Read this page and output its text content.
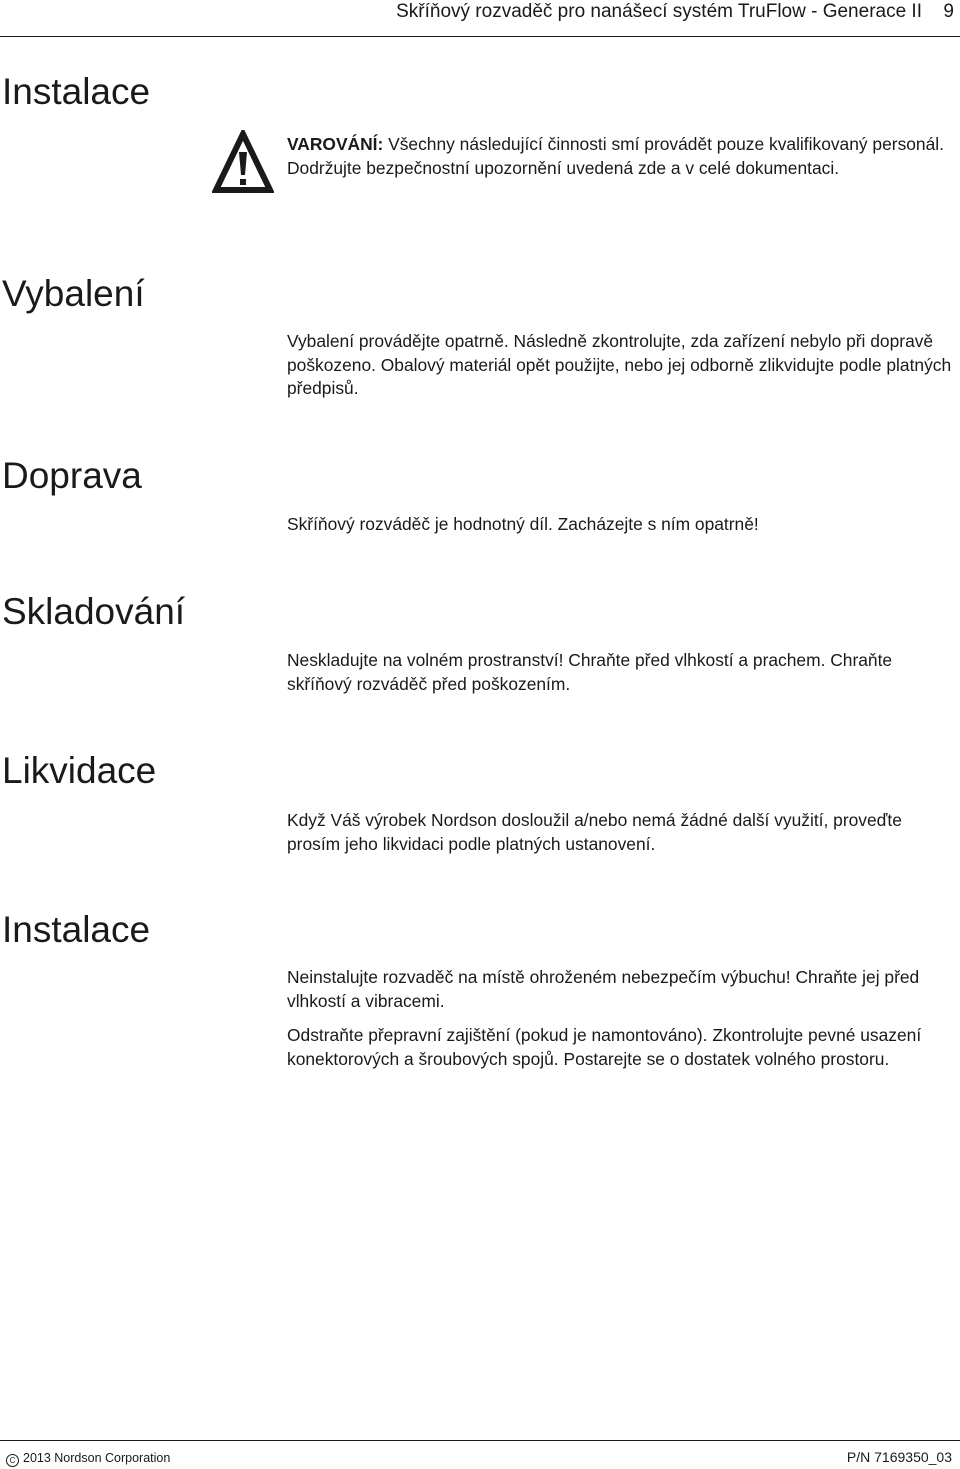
Skříňový rozvaděč pro nanášecí systém TruFlow - Generace II 9
Instalace

VAROVÁNÍ: Všechny následující činnosti smí provádět pouze kvalifikovaný personál. Dodržujte bezpečnostní upozornění uvedená zde a v celé dokumentaci.

Vybalení

Vybalení provádějte opatrně. Následně zkontrolujte, zda zařízení nebylo při dopravě poškozeno. Obalový materiál opět použijte, nebo jej odborně zlikvidujte podle platných předpisů.

Doprava

Skříňový rozváděč je hodnotný díl. Zacházejte s ním opatrně!

Skladování

Neskladujte na volném prostranství! Chraňte před vlhkostí a prachem. Chraňte skříňový rozváděč před poškozením.

Likvidace

Když Váš výrobek Nordson dosloužil a/nebo nemá žádné další využití, proveďte prosím jeho likvidaci podle platných ustanovení.

Instalace

Neinstalujte rozvaděč na místě ohroženém nebezpečím výbuchu! Chraňte jej před vlhkostí a vibracemi.

Odstraňte přepravní zajištění (pokud je namontováno). Zkontrolujte pevné usazení konektorových a šroubových spojů. Postarejte se o dostatek volného prostoru.

C 2013 Nordson Corporation	P/N 7169350_03
